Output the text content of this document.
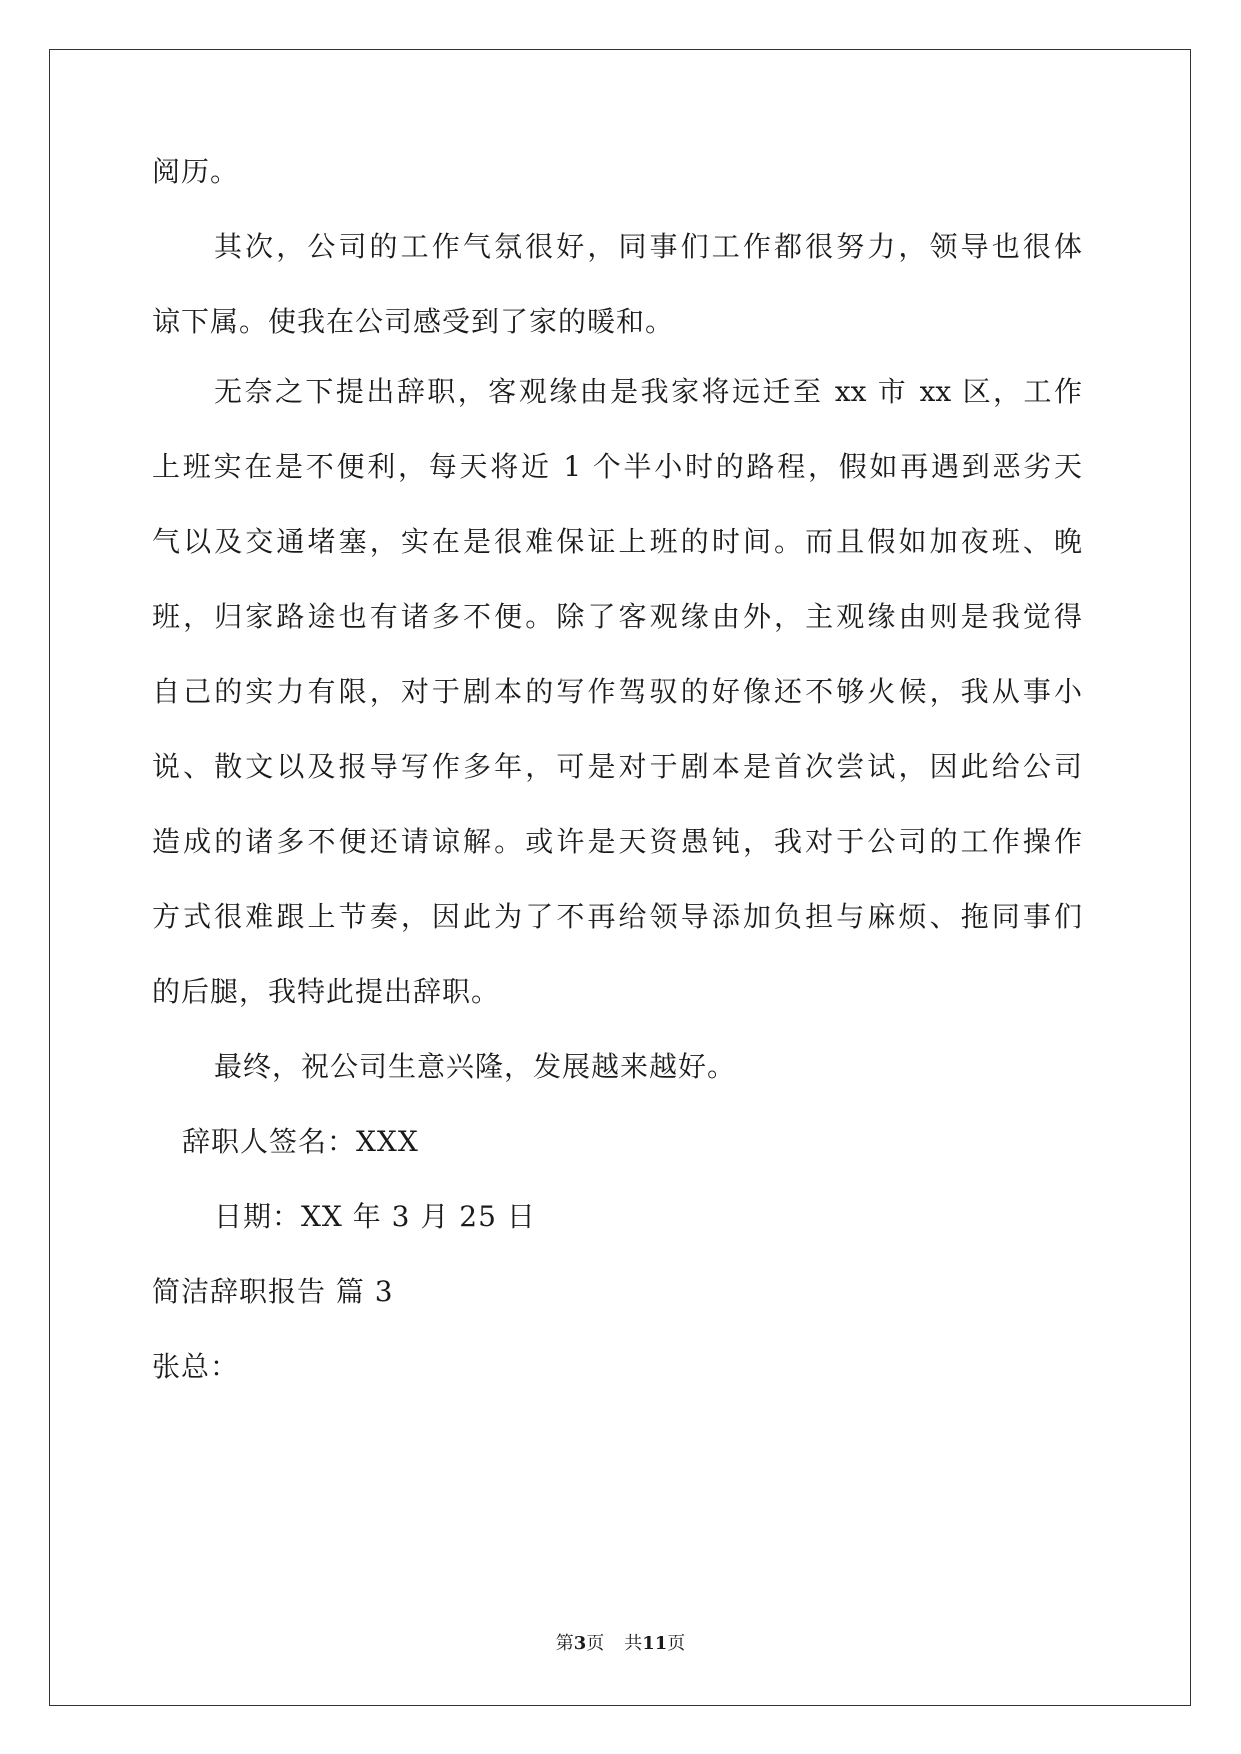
阅历。
其次，公司的工作气氛很好，同事们工作都很努力，领导也很体
谅下属。使我在公司感受到了家的暖和。
无奈之下提出辞职，客观缘由是我家将远迁至 xx 市 xx 区，工作
上班实在是不便利，每天将近 1 个半小时的路程，假如再遇到恶劣天
气以及交通堵塞，实在是很难保证上班的时间。而且假如加夜班、晚
班，归家路途也有诸多不便。除了客观缘由外，主观缘由则是我觉得
自己的实力有限，对于剧本的写作驾驭的好像还不够火候，我从事小
说、散文以及报导写作多年，可是对于剧本是首次尝试，因此给公司
造成的诸多不便还请谅解。或许是天资愚钝，我对于公司的工作操作
方式很难跟上节奏，因此为了不再给领导添加负担与麻烦、拖同事们
的后腿，我特此提出辞职。
最终，祝公司生意兴隆，发展越来越好。
辞职人签名：XXX
日期：XX 年 3 月 25 日
简洁辞职报告 篇 3
张总：
第3页 共11页
